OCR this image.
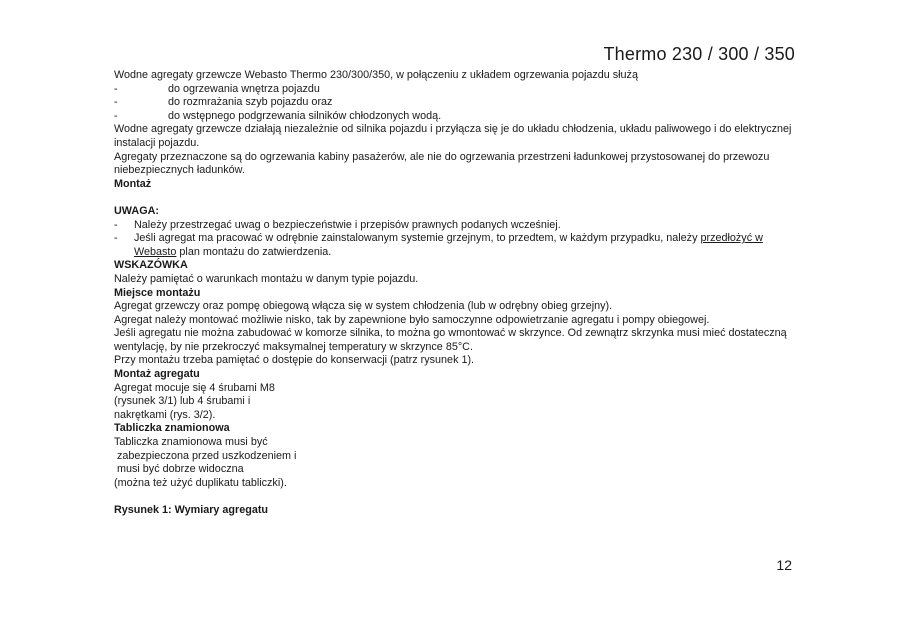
Thermo 230 / 300 / 350
Wodne agregaty grzewcze Webasto Thermo 230/300/350, w połączeniu z układem ogrzewania pojazdu służą
-	do ogrzewania wnętrza pojazdu
-	do rozmrażania szyb pojazdu oraz
-	do wstępnego podgrzewania silników chłodzonych wodą.
Wodne agregaty grzewcze działają niezależnie od silnika pojazdu i przyłącza się je do układu chłodzenia, układu paliwowego i do elektrycznej instalacji pojazdu.
Agregaty przeznaczone są do ogrzewania kabiny pasażerów, ale nie do ogrzewania przestrzeni ładunkowej przystosowanej do przewozu niebezpiecznych ładunków.
Montaż
UWAGA:
-	Należy przestrzegać uwag o bezpieczeństwie i przepisów prawnych podanych wcześniej.
-	Jeśli agregat ma pracować w odrębnie zainstalowanym systemie grzejnym, to przedtem, w każdym przypadku, należy przedłożyć w Webasto plan montażu do zatwierdzenia.
WSKAZÓWKA
Należy pamiętać o warunkach montażu w danym typie pojazdu.
Miejsce montażu
Agregat grzewczy oraz pompę obiegową włącza się w system chłodzenia (lub w odrębny obieg grzejny).
Agregat należy montować możliwie nisko, tak by zapewnione było samoczynne odpowietrzanie agregatu i pompy obiegowej.
Jeśli agregatu nie można zabudować w komorze silnika, to można go wmontować w skrzynce. Od zewnątrz skrzynka musi mieć dostateczną wentylację, by nie przekroczyć maksymalnej temperatury w skrzynce 85°C.
Przy montażu trzeba pamiętać o dostępie do konserwacji (patrz rysunek 1).
Montaż agregatu
Agregat mocuje się 4 śrubami M8
(rysunek 3/1) lub 4 śrubami i
nakrętkami (rys. 3/2).
Tabliczka znamionowa
Tabliczka znamionowa musi być
zabezpieczona przed uszkodzeniem i
musi być dobrze widoczna
(można też użyć duplikatu tabliczki).
Rysunek 1: Wymiary agregatu
12
